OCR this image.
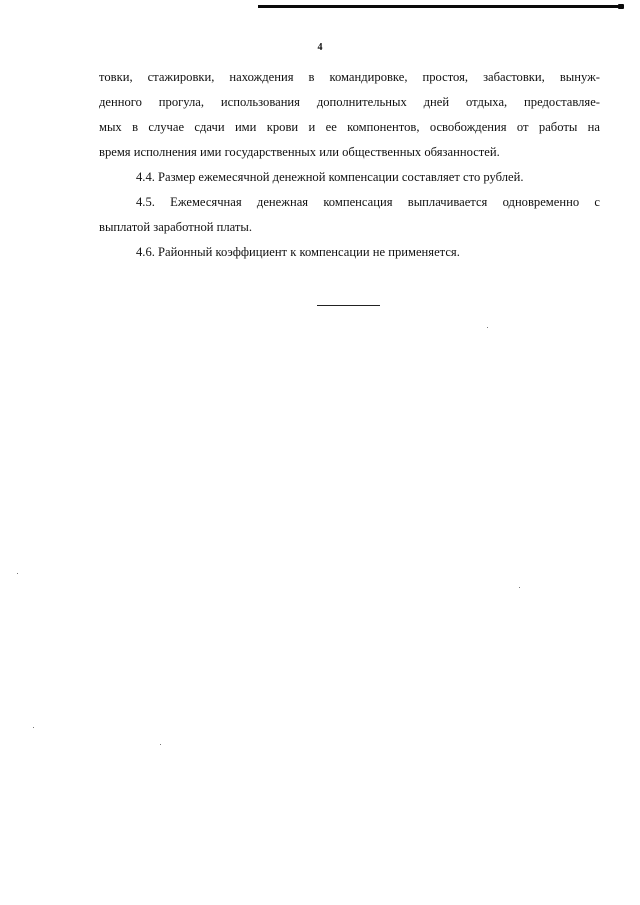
4
товки, стажировки, нахождения в командировке, простоя, забастовки, вынуж-
денного прогула, использования дополнительных дней отдыха, предоставляе-
мых в случае сдачи ими крови и ее компонентов, освобождения от работы на
время исполнения ими государственных или общественных обязанностей.
4.4. Размер ежемесячной денежной компенсации составляет сто рублей.
4.5. Ежемесячная денежная компенсация выплачивается одновременно с
выплатой заработной платы.
4.6. Районный коэффициент к компенсации не применяется.
